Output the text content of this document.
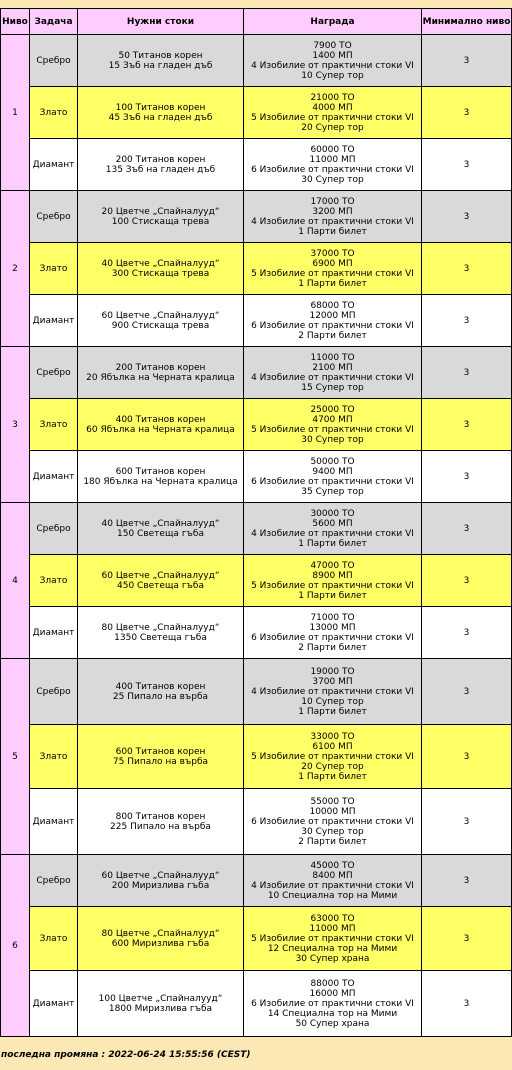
Ниво	Задача	Нужни стоки	Награда	Минимално ниво
1	Сребро	50 Титанов корен
15 Зъб на гладен дъб	7900 ТО
1400 МП
4 Изобилие от практични стоки VI
10 Супер тор	3
	Злато	100 Титанов корен
45 Зъб на гладен дъб	21000 ТО
4000 МП
5 Изобилие от практични стоки VI
20 Супер тор	3
	Диамант	200 Титанов корен
135 Зъб на гладен дъб	60000 ТО
11000 МП
6 Изобилие от практични стоки VI
30 Супер тор	3
2	Сребро	20 Цветче „Спайналууд“
100 Стискаща трева	17000 ТО
3200 МП
4 Изобилие от практични стоки VI
1 Парти билет	3
	Злато	40 Цветче „Спайналууд“
300 Стискаща трева	37000 ТО
6900 МП
5 Изобилие от практични стоки VI
1 Парти билет	3
	Диамант	60 Цветче „Спайналууд“
900 Стискаща трева	68000 ТО
12000 МП
6 Изобилие от практични стоки VI
2 Парти билет	3
3	Сребро	200 Титанов корен
20 Ябълка на Черната кралица	11000 ТО
2100 МП
4 Изобилие от практични стоки VI
15 Супер тор	3
	Злато	400 Титанов корен
60 Ябълка на Черната кралица	25000 ТО
4700 МП
5 Изобилие от практични стоки VI
30 Супер тор	3
	Диамант	600 Титанов корен
180 Ябълка на Черната кралица	50000 ТО
9400 МП
6 Изобилие от практични стоки VI
35 Супер тор	3
4	Сребро	40 Цветче „Спайналууд“
150 Светеща гъба	30000 ТО
5600 МП
4 Изобилие от практични стоки VI
1 Парти билет	3
	Злато	60 Цветче „Спайналууд“
450 Светеща гъба	47000 ТО
8900 МП
5 Изобилие от практични стоки VI
1 Парти билет	3
	Диамант	80 Цветче „Спайналууд“
1350 Светеща гъба	71000 ТО
13000 МП
6 Изобилие от практични стоки VI
2 Парти билет	3
5	Сребро	400 Титанов корен
25 Пипало на върба	19000 ТО
3700 МП
4 Изобилие от практични стоки VI
10 Супер тор
1 Парти билет	3
	Злато	600 Титанов корен
75 Пипало на върба	33000 ТО
6100 МП
5 Изобилие от практични стоки VI
20 Супер тор
1 Парти билет	3
	Диамант	800 Титанов корен
225 Пипало на върба	55000 ТО
10000 МП
6 Изобилие от практични стоки VI
30 Супер тор
2 Парти билет	3
6	Сребро	60 Цветче „Спайналууд“
200 Миризлива гъба	45000 ТО
8400 МП
4 Изобилие от практични стоки VI
10 Специална тор на Мими	3
	Злато	80 Цветче „Спайналууд“
600 Миризлива гъба	63000 ТО
11000 МП
5 Изобилие от практични стоки VI
12 Специална тор на Мими
30 Супер храна	3
	Диамант	100 Цветче „Спайналууд“
1800 Миризлива гъба	88000 ТО
16000 МП
6 Изобилие от практични стоки VI
14 Специална тор на Мими
50 Супер храна	3
последна промяна : 2022-06-24 15:55:56 (CEST)
